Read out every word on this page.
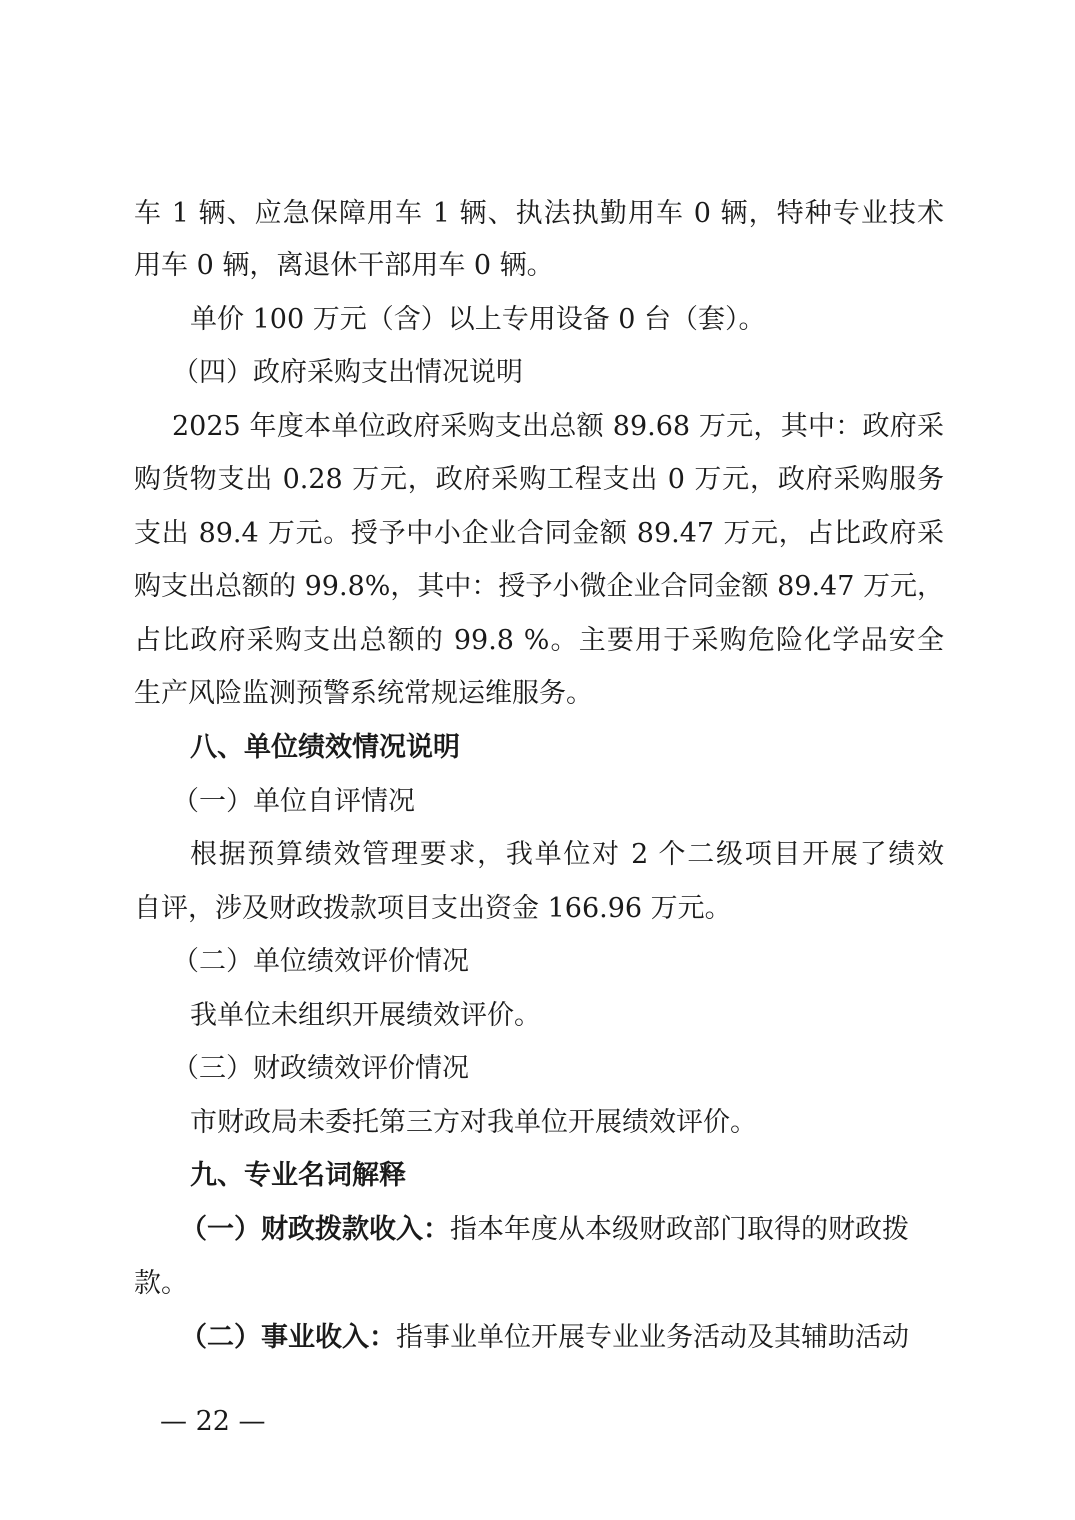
车 1 辆、应急保障用车 1 辆、执法执勤用车 0 辆，特种专业技术
用车 0 辆，离退休干部用车 0 辆。
单价 100 万元（含）以上专用设备 0 台（套）。
（四）政府采购支出情况说明
2025 年度本单位政府采购支出总额 89.68 万元，其中：政府采
购货物支出 0.28 万元，政府采购工程支出 0 万元，政府采购服务
支出 89.4 万元。授予中小企业合同金额 89.47 万元，占比政府采
购支出总额的 99.8%，其中：授予小微企业合同金额 89.47 万元，
占比政府采购支出总额的 99.8 %。主要用于采购危险化学品安全
生产风险监测预警系统常规运维服务。
八、单位绩效情况说明
（一）单位自评情况
根据预算绩效管理要求，我单位对 2 个二级项目开展了绩效
自评，涉及财政拨款项目支出资金 166.96 万元。
（二）单位绩效评价情况
我单位未组织开展绩效评价。
（三）财政绩效评价情况
市财政局未委托第三方对我单位开展绩效评价。
九、专业名词解释
（一）财政拨款收入：指本年度从本级财政部门取得的财政拨
款。
（二）事业收入：指事业单位开展专业业务活动及其辅助活动
— 22 —
